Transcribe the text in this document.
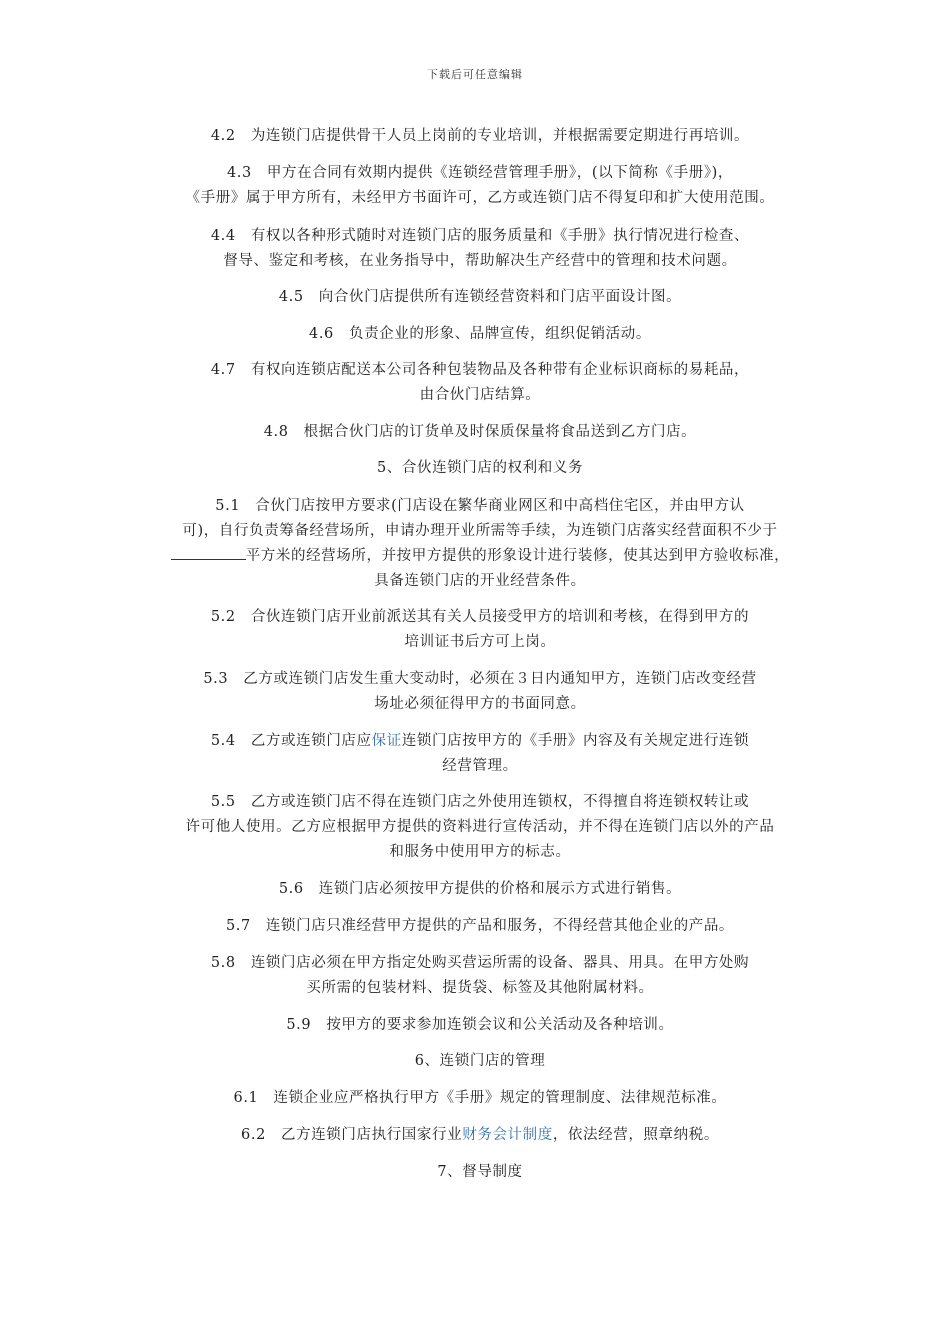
下载后可任意编辑
4.2　为连锁门店提供骨干人员上岗前的专业培训，并根据需要定期进行再培训。
4.3　甲方在合同有效期内提供《连锁经营管理手册》，(以下简称《手册》)，
《手册》属于甲方所有，未经甲方书面许可，乙方或连锁门店不得复印和扩大使用范围。
4.4　有权以各种形式随时对连锁门店的服务质量和《手册》执行情况进行检查、
督导、鉴定和考核，在业务指导中，帮助解决生产经营中的管理和技术问题。
4.5　向合伙门店提供所有连锁经营资料和门店平面设计图。
4.6　负责企业的形象、品牌宣传，组织促销活动。
4.7　有权向连锁店配送本公司各种包装物品及各种带有企业标识商标的易耗品，
由合伙门店结算。
4.8　根据合伙门店的订货单及时保质保量将食品送到乙方门店。
5、合伙连锁门店的权利和义务
5.1　合伙门店按甲方要求(门店设在繁华商业网区和中高档住宅区，并由甲方认
可)，自行负责筹备经营场所，申请办理开业所需等手续，为连锁门店落实经营面积不少于
平方米的经营场所，并按甲方提供的形象设计进行装修，使其达到甲方验收标准，
具备连锁门店的开业经营条件。
5.2　合伙连锁门店开业前派送其有关人员接受甲方的培训和考核，在得到甲方的
培训证书后方可上岗。
5.3　乙方或连锁门店发生重大变动时，必须在３日内通知甲方，连锁门店改变经营
场址必须征得甲方的书面同意。
5.4　乙方或连锁门店应保证连锁门店按甲方的《手册》内容及有关规定进行连锁
经营管理。
5.5　乙方或连锁门店不得在连锁门店之外使用连锁权，不得擅自将连锁权转让或
许可他人使用。乙方应根据甲方提供的资料进行宣传活动，并不得在连锁门店以外的产品
和服务中使用甲方的标志。
5.6　连锁门店必须按甲方提供的价格和展示方式进行销售。
5.7　连锁门店只准经营甲方提供的产品和服务，不得经营其他企业的产品。
5.8　连锁门店必须在甲方指定处购买营运所需的设备、器具、用具。在甲方处购
买所需的包装材料、提货袋、标签及其他附属材料。
5.9　按甲方的要求参加连锁会议和公关活动及各种培训。
6、连锁门店的管理
6.1　连锁企业应严格执行甲方《手册》规定的管理制度、法律规范标准。
6.2　乙方连锁门店执行国家行业财务会计制度，依法经营，照章纳税。
7、督导制度
